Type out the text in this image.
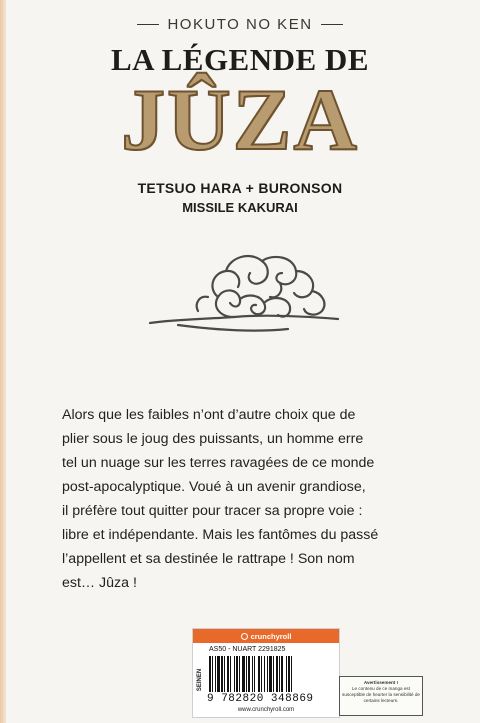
HOKUTO NO KEN
LA LÉGENDE DE
JÛZA
TETSUO HARA + BURONSON
MISSILE KAKURAI

Alors que les faibles n’ont d’autre choix que de

plier sous le joug des puissants, un homme erre

tel un nuage sur les terres ravagées de ce monde

post-apocalyptique. Voué à un avenir grandiose,

il préfère tout quitter pour tracer sa propre voie :

libre et indépendante. Mais les fantômes du passé

l’appellent et sa destinée le rattrape ! Son nom

est… Jûza !

crunchyroll
SEINEN
AS50 - NUART 2291825
9 782820 348869
www.crunchyroll.com
Avertissement !
Le contenu de ce manga est susceptible de heurter la sensibilité de certains lecteurs.
